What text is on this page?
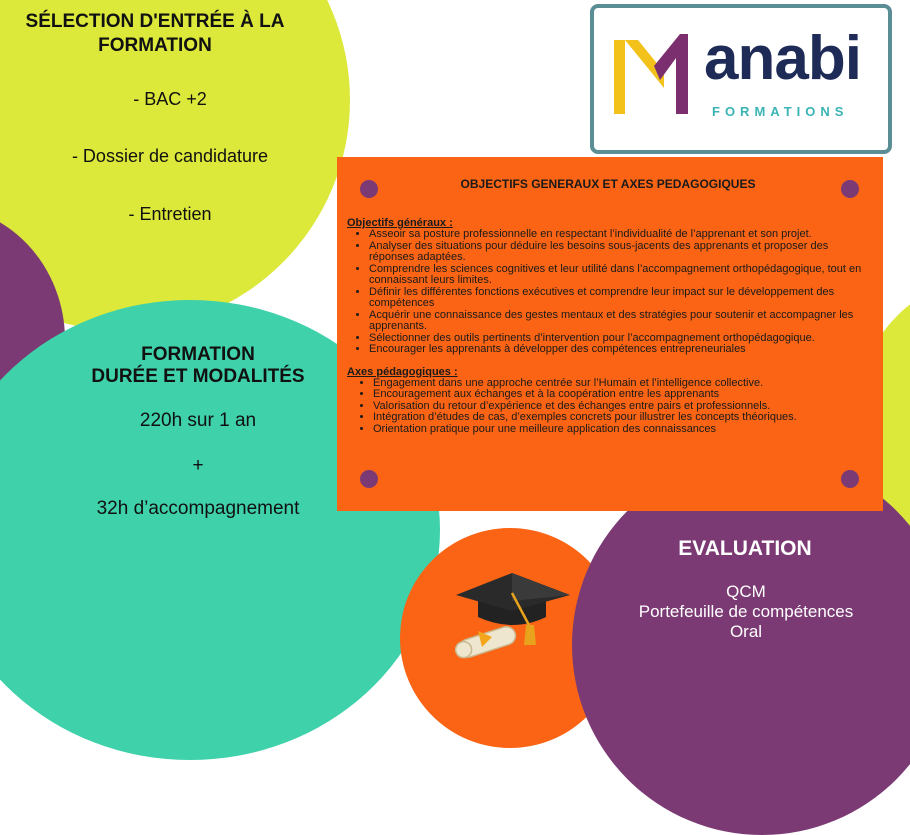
SÉLECTION D'ENTRÉE À LA
FORMATION
- BAC +2
- Dossier de candidature
- Entretien
anabi
FORMATIONS
OBJECTIFS GENERAUX ET AXES PEDAGOGIQUES
Objectifs généraux :
• Asseoir sa posture professionnelle en respectant l’individualité de l’apprenant et son projet.
• Analyser des situations pour déduire les besoins sous-jacents des apprenants et proposer des réponses adaptées.
• Comprendre les sciences cognitives et leur utilité dans l’accompagnement orthopédagogique, tout en connaissant leurs limites.
• Définir les différentes fonctions exécutives et comprendre leur impact sur le développement des compétences
• Acquérir une connaissance des gestes mentaux et des stratégies pour soutenir et accompagner les apprenants.
• Sélectionner des outils pertinents d’intervention pour l’accompagnement orthopédagogique.
• Encourager les apprenants à développer des compétences entrepreneuriales
Axes pédagogiques :
• Engagement dans une approche centrée sur l’Humain et l’intelligence collective.
• Encouragement aux échanges et à la coopération entre les apprenants
• Valorisation du retour d’expérience et des échanges entre pairs et professionnels.
• Intégration d’études de cas, d’exemples concrets pour illustrer les concepts théoriques.
• Orientation pratique pour une meilleure application des connaissances
FORMATION
DURÉE ET MODALITÉS
220h sur 1 an
+
32h d’accompagnement
EVALUATION
QCM
Portefeuille de compétences
Oral
